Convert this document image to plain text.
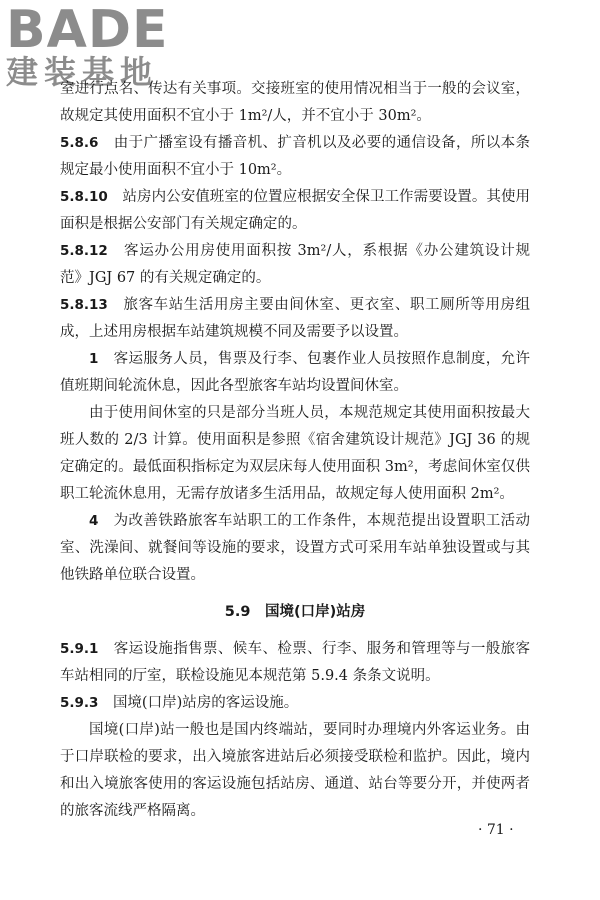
BADE
建装基地

室进行点名、传达有关事项。交接班室的使用情况相当于一般的会议室，故规定其使用面积不宜小于 1m²/人，并不宜小于 30m²。

5.8.6　 由于广播室设有播音机、扩音机以及必要的通信设备，所以本条规定最小使用面积不宜小于 10m²。

5.8.10　 站房内公安值班室的位置应根据安全保卫工作需要设置。其使用面积是根据公安部门有关规定确定的。

5.8.12　 客运办公用房使用面积按 3m²/人，系根据《办公建筑设计规范》JGJ 67 的有关规定确定的。

5.8.13　 旅客车站生活用房主要由间休室、更衣室、职工厕所等用房组成，上述用房根据车站建筑规模不同及需要予以设置。

1　 客运服务人员，售票及行李、包裹作业人员按照作息制度，允许值班期间轮流休息，因此各型旅客车站均设置间休室。

由于使用间休室的只是部分当班人员，本规范规定其使用面积按最大班人数的 2/3 计算。使用面积是参照《宿舍建筑设计规范》JGJ 36 的规定确定的。最低面积指标定为双层床每人使用面积 3m²，考虑间休室仅供职工轮流休息用，无需存放诸多生活用品，故规定每人使用面积 2m²。

4　 为改善铁路旅客车站职工的工作条件，本规范提出设置职工活动室、洗澡间、就餐间等设施的要求，设置方式可采用车站单独设置或与其他铁路单位联合设置。

5.9　国境(口岸)站房

5.9.1　 客运设施指售票、候车、检票、行李、服务和管理等与一般旅客车站相同的厅室，联检设施见本规范第 5.9.4 条条文说明。

5.9.3　 国境(口岸)站房的客运设施。

国境(口岸)站一般也是国内终端站，要同时办理境内外客运业务。由于口岸联检的要求，出入境旅客进站后必须接受联检和监护。因此，境内和出入境旅客使用的客运设施包括站房、通道、站台等要分开，并使两者的旅客流线严格隔离。

· 71 ·
